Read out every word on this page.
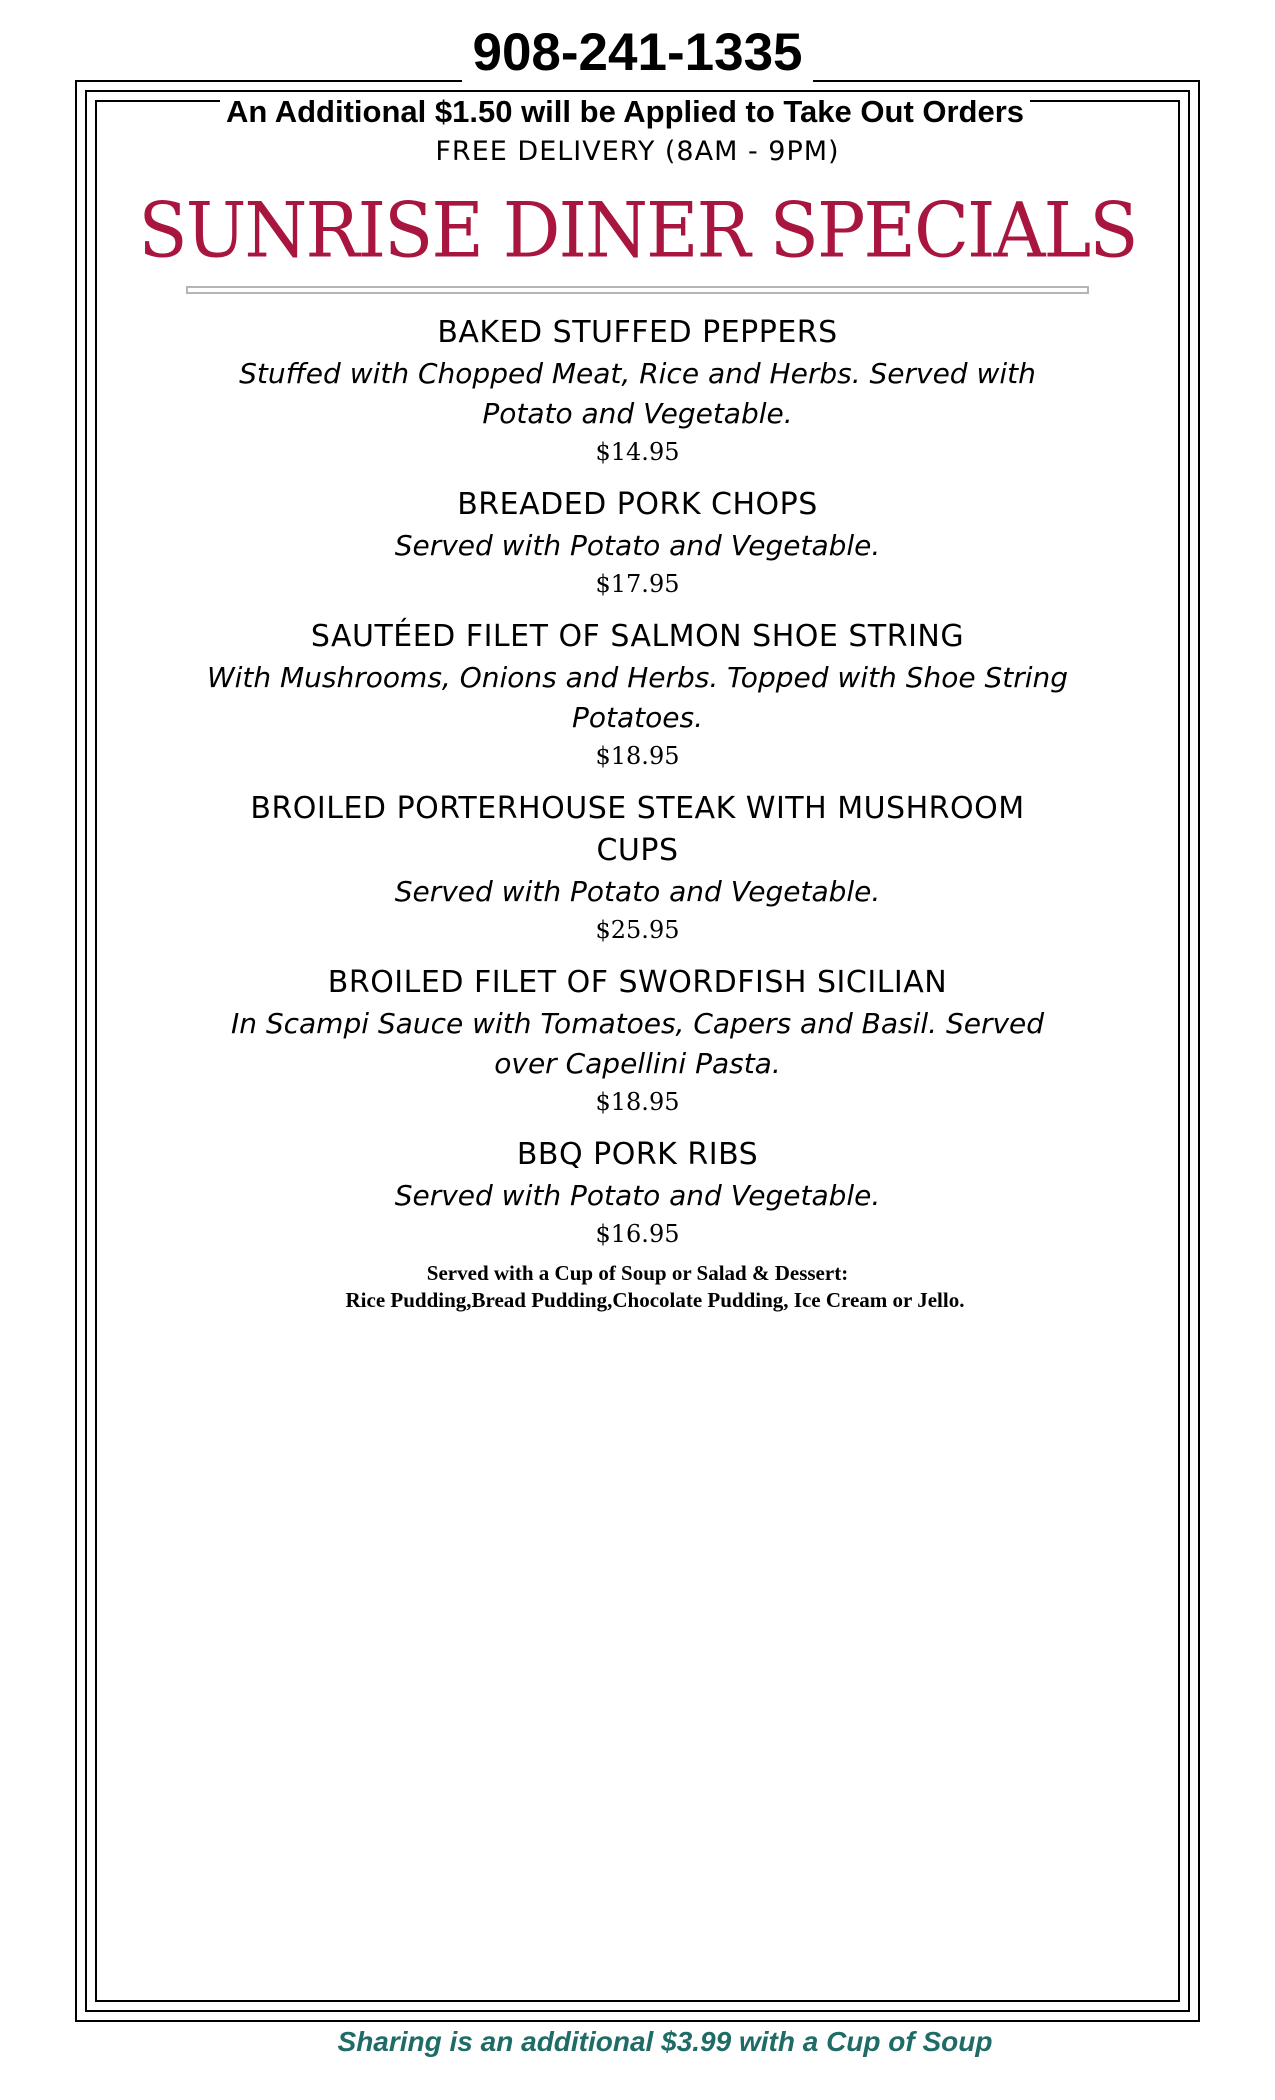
908-241-1335
An Additional $1.50 will be Applied to Take Out Orders
FREE DELIVERY (8AM - 9PM)
SUNRISE DINER SPECIALS
BAKED STUFFED PEPPERS
Stuffed with Chopped Meat, Rice and Herbs. Served with Potato and Vegetable.
$14.95
BREADED PORK CHOPS
Served with Potato and Vegetable.
$17.95
SAUTÉED FILET OF SALMON SHOE STRING
With Mushrooms, Onions and Herbs. Topped with Shoe String Potatoes.
$18.95
BROILED PORTERHOUSE STEAK WITH MUSHROOM CUPS
Served with Potato and Vegetable.
$25.95
BROILED FILET OF SWORDFISH SICILIAN
In Scampi Sauce with Tomatoes, Capers and Basil. Served over Capellini Pasta.
$18.95
BBQ PORK RIBS
Served with Potato and Vegetable.
$16.95
Served with a Cup of Soup or Salad & Dessert:
Rice Pudding,Bread Pudding,Chocolate Pudding, Ice Cream or Jello.
Sharing is an additional $3.99 with a Cup of Soup
